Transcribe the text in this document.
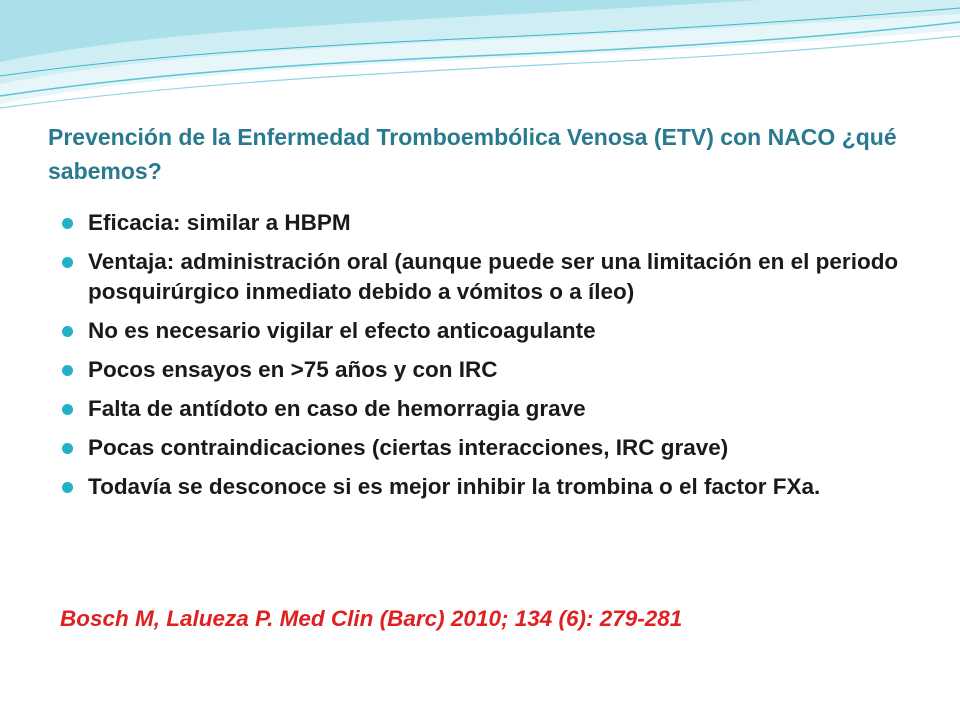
Prevención de la Enfermedad Tromboembólica Venosa (ETV) con NACO ¿qué sabemos?
Eficacia: similar a HBPM
Ventaja: administración oral (aunque puede ser una limitación en el periodo posquirúrgico inmediato debido a vómitos o a íleo)
No es necesario vigilar el efecto anticoagulante
Pocos ensayos en >75 años y con IRC
Falta de antídoto en caso de hemorragia grave
Pocas contraindicaciones (ciertas interacciones, IRC grave)
Todavía se desconoce si es mejor inhibir la trombina o el factor FXa.

Bosch M, Lalueza P. Med Clin (Barc) 2010; 134 (6): 279-281
